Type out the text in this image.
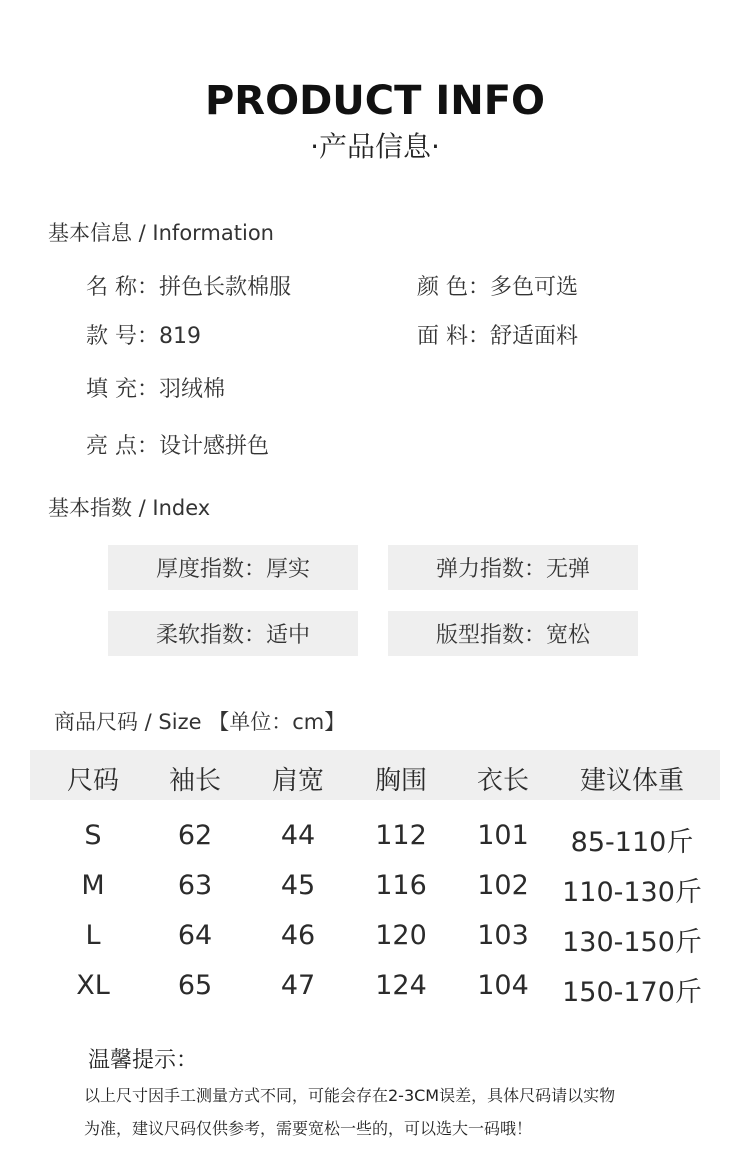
PRODUCT INFO
·产品信息·
基本信息 / Information
名 称：拼色长款棉服	颜 色：多色可选
款 号：819	面 料：舒适面料
填 充：羽绒棉
亮 点：设计感拼色
基本指数 / Index
厚度指数：厚实	弹力指数：无弹
柔软指数：适中	版型指数：宽松
商品尺码 / Size 【单位：cm】
尺码 袖长 肩宽 胸围 衣长 建议体重
S	62	44 112 101 85-110斤
M	63	45 116 102 110-130斤
L	64	46 120 103 130-150斤
XL	65	47 124 104 150-170斤
温馨提示：
以上尺寸因手工测量方式不同，可能会存在2-3CM误差，具体尺码请以实物
为准，建议尺码仅供参考，需要宽松一些的，可以选大一码哦！
